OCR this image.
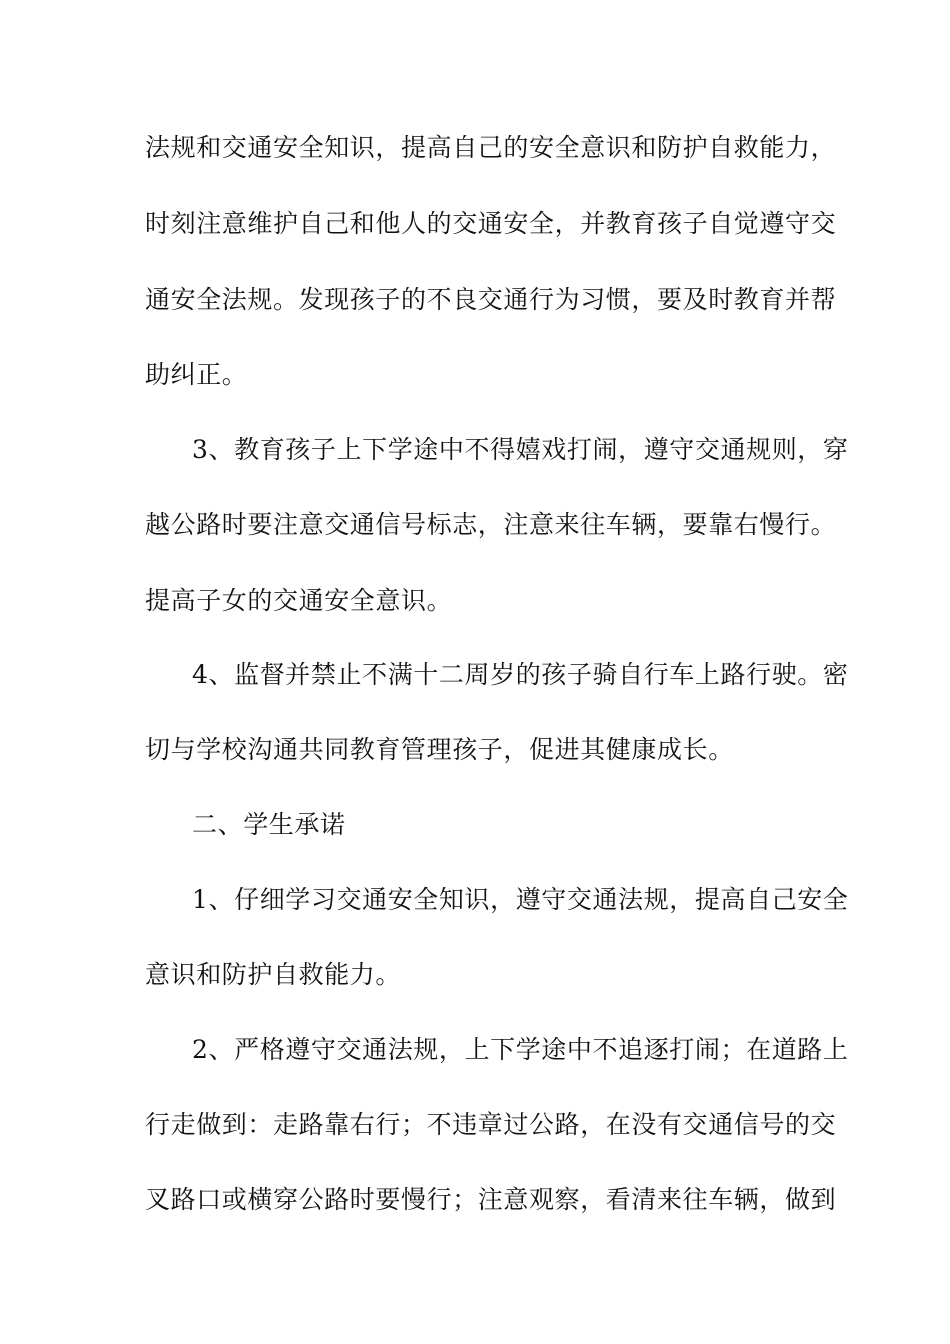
法规和交通安全知识，提高自己的安全意识和防护自救能力，
时刻注意维护自己和他人的交通安全，并教育孩子自觉遵守交
通安全法规。发现孩子的不良交通行为习惯，要及时教育并帮
助纠正。
3、教育孩子上下学途中不得嬉戏打闹，遵守交通规则，穿
越公路时要注意交通信号标志，注意来往车辆，要靠右慢行。
提高子女的交通安全意识。
4、监督并禁止不满十二周岁的孩子骑自行车上路行驶。密
切与学校沟通共同教育管理孩子，促进其健康成长。
二、学生承诺
1、仔细学习交通安全知识，遵守交通法规，提高自己安全
意识和防护自救能力。
2、严格遵守交通法规，上下学途中不追逐打闹；在道路上
行走做到：走路靠右行；不违章过公路，在没有交通信号的交
叉路口或横穿公路时要慢行；注意观察，看清来往车辆，做到
